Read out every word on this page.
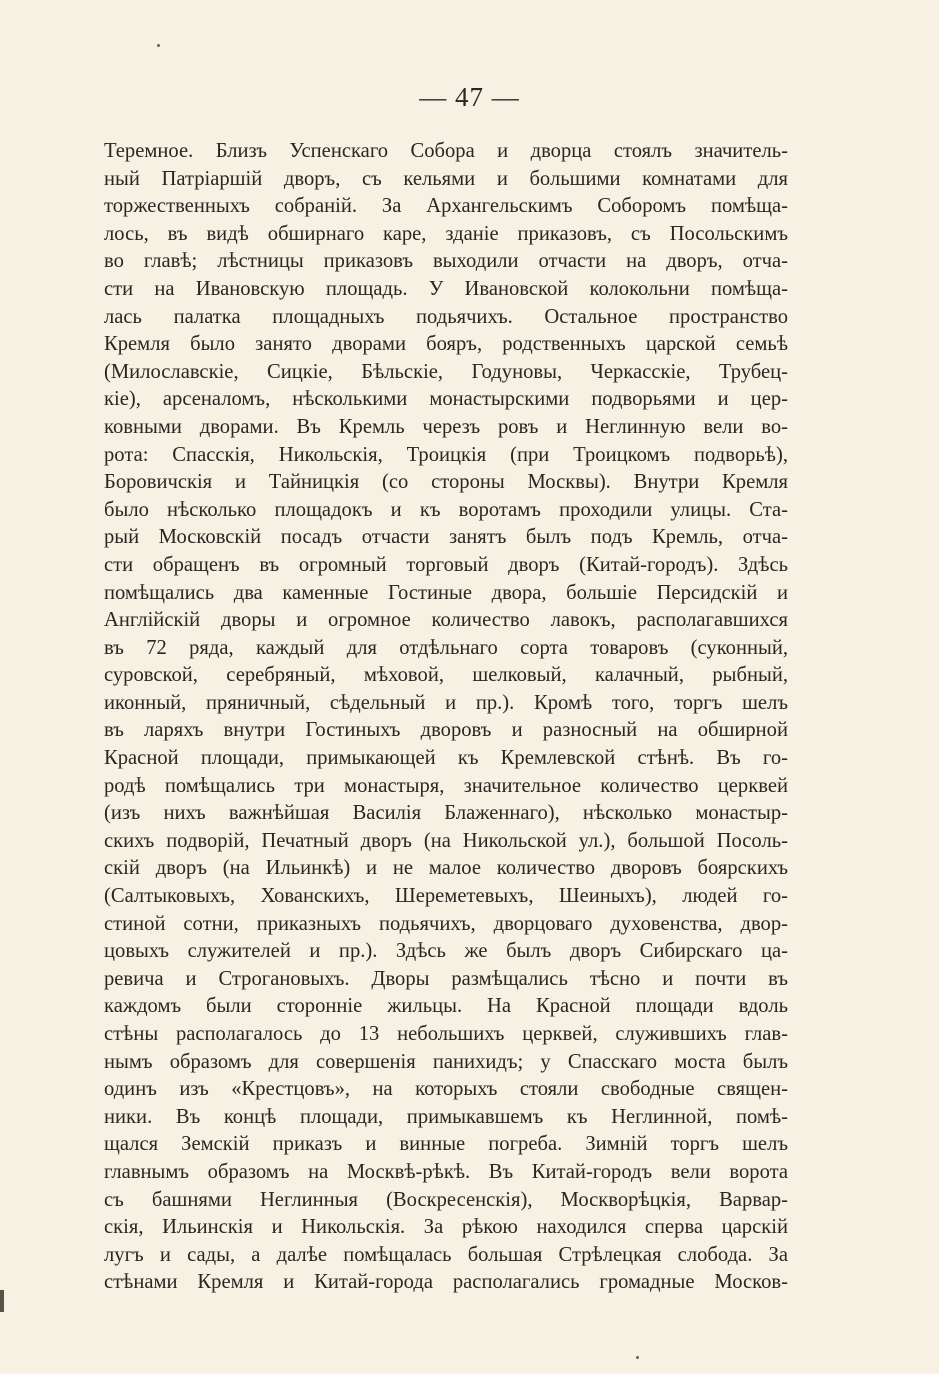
— 47 —
Теремное. Близъ Успенскаго Собора и дворца стоялъ значитель-
ный Патріаршій дворъ, съ кельями и большими комнатами для
торжественныхъ собраній. За Архангельскимъ Соборомъ помѣща-
лось, въ видѣ обширнаго каре, зданіе приказовъ, съ Посольскимъ
во главѣ; лѣстницы приказовъ выходили отчасти на дворъ, отча-
сти на Ивановскую площадь. У Ивановской колокольни помѣща-
лась палатка площадныхъ подьячихъ. Остальное пространство
Кремля было занято дворами бояръ, родственныхъ царской семьѣ
(Милославскіе, Сицкіе, Бѣльскіе, Годуновы, Черкасскіе, Трубец-
кіе), арсеналомъ, нѣсколькими монастырскими подворьями и цер-
ковными дворами. Въ Кремль черезъ ровъ и Неглинную вели во-
рота: Спасскія, Никольскія, Троицкія (при Троицкомъ подворьѣ),
Боровичскія и Тайницкія (со стороны Москвы). Внутри Кремля
было нѣсколько площадокъ и къ воротамъ проходили улицы. Ста-
рый Московскій посадъ отчасти занятъ былъ подъ Кремль, отча-
сти обращенъ въ огромный торговый дворъ (Китай-городъ). Здѣсь
помѣщались два каменные Гостиные двора, большіе Персидскій и
Англійскій дворы и огромное количество лавокъ, располагавшихся
въ 72 ряда, каждый для отдѣльнаго сорта товаровъ (суконный,
суровской, серебряный, мѣховой, шелковый, калачный, рыбный,
иконный, пряничный, сѣдельный и пр.). Кромѣ того, торгъ шелъ
въ ларяхъ внутри Гостиныхъ дворовъ и разносный на обширной
Красной площади, примыкающей къ Кремлевской стѣнѣ. Въ го-
родѣ помѣщались три монастыря, значительное количество церквей
(изъ нихъ важнѣйшая Василія Блаженнаго), нѣсколько монастыр-
скихъ подворій, Печатный дворъ (на Никольской ул.), большой Посоль-
скій дворъ (на Ильинкѣ) и не малое количество дворовъ боярскихъ
(Салтыковыхъ, Хованскихъ, Шереметевыхъ, Шеиныхъ), людей го-
стиной сотни, приказныхъ подьячихъ, дворцоваго духовенства, двор-
цовыхъ служителей и пр.). Здѣсь же былъ дворъ Сибирскаго ца-
ревича и Строгановыхъ. Дворы размѣщались тѣсно и почти въ
каждомъ были сторонніе жильцы. На Красной площади вдоль
стѣны располагалось до 13 небольшихъ церквей, служившихъ глав-
нымъ образомъ для совершенія панихидъ; у Спасскаго моста былъ
одинъ изъ «Крестцовъ», на которыхъ стояли свободные священ-
ники. Въ концѣ площади, примыкавшемъ къ Неглинной, помѣ-
щался Земскій приказъ и винные погреба. Зимній торгъ шелъ
главнымъ образомъ на Москвѣ-рѣкѣ. Въ Китай-городъ вели ворота
съ башнями Неглинныя (Воскресенскія), Москворѣцкія, Варвар-
скія, Ильинскія и Никольскія. За рѣкою находился сперва царскій
лугъ и сады, а далѣе помѣщалась большая Стрѣлецкая слобода. За
стѣнами Кремля и Китай-города располагались громадные Москов-
